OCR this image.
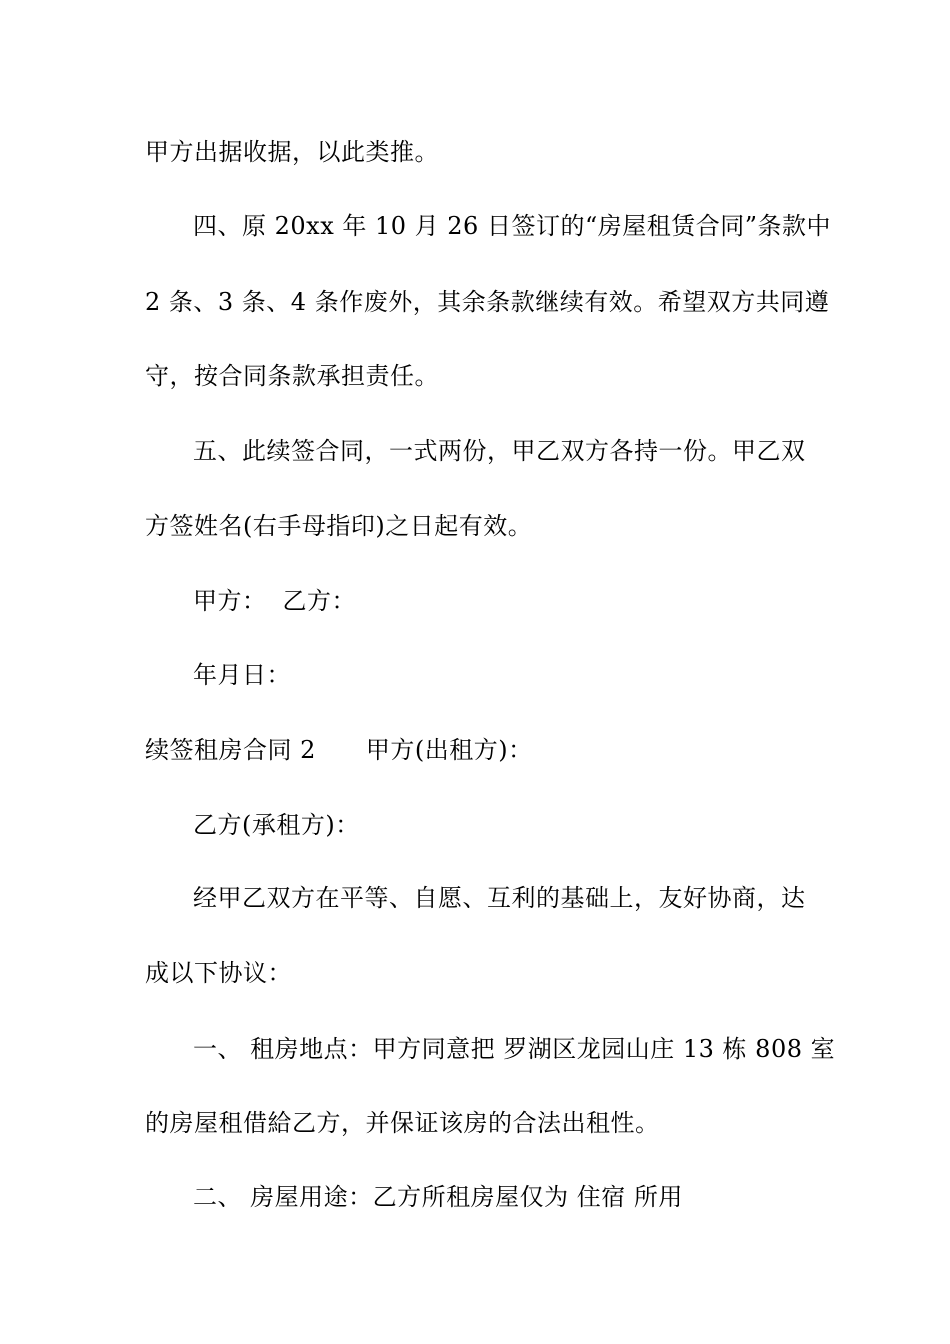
甲方出据收据，以此类推。
四、原 20xx 年 10 月 26 日签订的“房屋租赁合同”条款中
2 条、3 条、4 条作废外，其余条款继续有效。希望双方共同遵
守，按合同条款承担责任。
五、此续签合同，一式两份，甲乙双方各持一份。甲乙双
方签姓名(右手母指印)之日起有效。
甲方： 乙方：
年月日：
续签租房合同 2 甲方(出租方)：
乙方(承租方)：
经甲乙双方在平等、自愿、互利的基础上，友好协商，达
成以下协议：
一、 租房地点：甲方同意把 罗湖区龙园山庄 13 栋 808 室
的房屋租借給乙方，并保证该房的合法出租性。
二、 房屋用途：乙方所租房屋仅为 住宿 所用
